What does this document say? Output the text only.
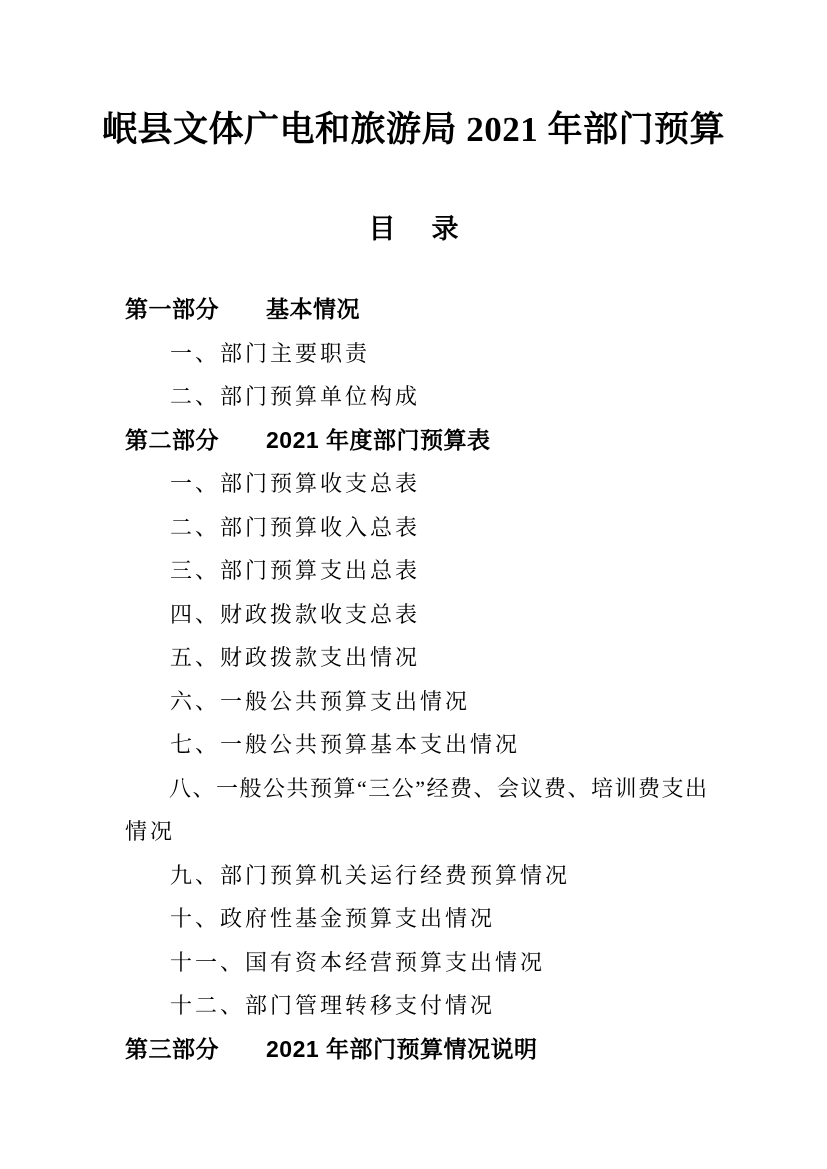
岷县文体广电和旅游局 2021 年部门预算
目 录

第一部分　　基本情况

一、部门主要职责

二、部门预算单位构成

第二部分　　2021 年度部门预算表

一、部门预算收支总表

二、部门预算收入总表

三、部门预算支出总表

四、财政拨款收支总表

五、财政拨款支出情况

六、一般公共预算支出情况

七、一般公共预算基本支出情况

八、一般公共预算“三公”经费、会议费、培训费支出

情况

九、部门预算机关运行经费预算情况

十、政府性基金预算支出情况

十一、国有资本经营预算支出情况

十二、部门管理转移支付情况

第三部分　　2021 年部门预算情况说明
